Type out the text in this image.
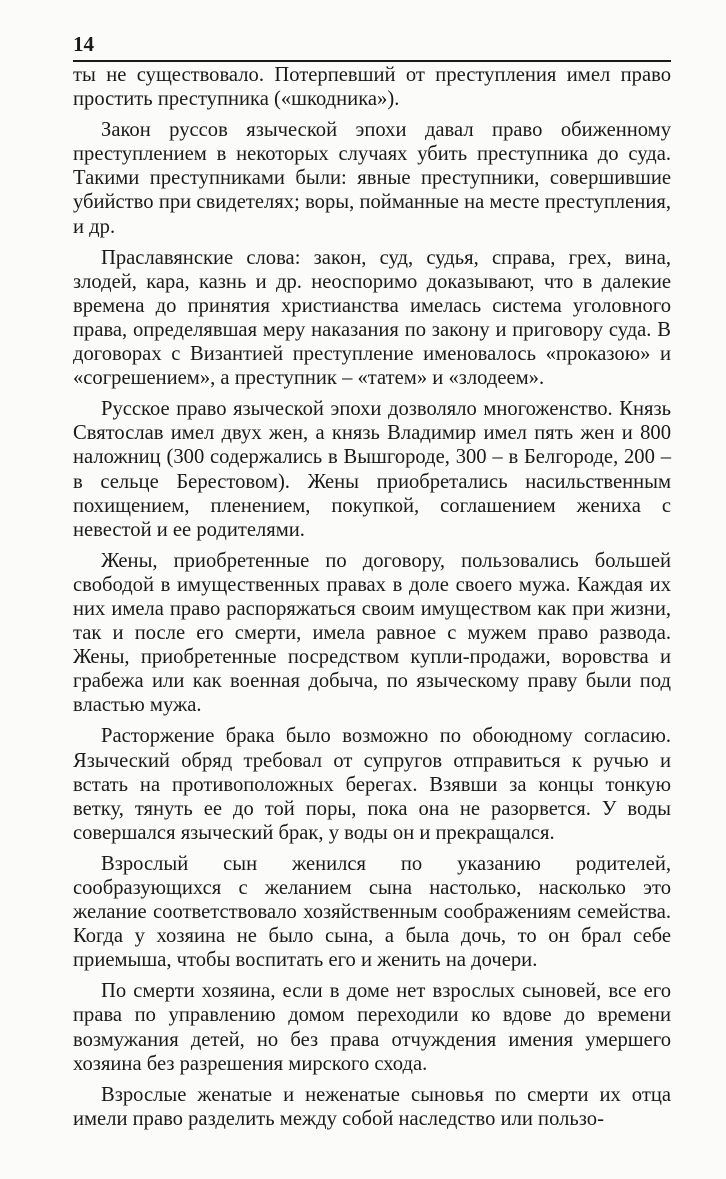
14

ты не существовало. Потерпевший от преступления имел право простить преступника («шкодника»).

Закон руссов языческой эпохи давал право обиженному преступлением в некоторых случаях убить преступника до суда. Такими преступниками были: явные преступники, совершившие убийство при свидетелях; воры, пойманные на месте преступления, и др.

Праславянские слова: закон, суд, судья, справа, грех, вина, злодей, кара, казнь и др. неоспоримо доказывают, что в далекие времена до принятия христианства имелась система уголовного права, определявшая меру наказания по закону и приговору суда. В договорах с Византией преступление именовалось «проказою» и «согрешением», а преступник – «татем» и «злодеем».

Русское право языческой эпохи дозволяло многоженство. Князь Святослав имел двух жен, а князь Владимир имел пять жен и 800 наложниц (300 содержались в Вышгороде, 300 – в Белгороде, 200 – в сельце Берестовом). Жены приобретались насильственным похищением, пленением, покупкой, соглашением жениха с невестой и ее родителями.

Жены, приобретенные по договору, пользовались большей свободой в имущественных правах в доле своего мужа. Каждая их них имела право распоряжаться своим имуществом как при жизни, так и после его смерти, имела равное с мужем право развода. Жены, приобретенные посредством купли-продажи, воровства и грабежа или как военная добыча, по языческому праву были под властью мужа.

Расторжение брака было возможно по обоюдному согласию. Языческий обряд требовал от супругов отправиться к ручью и встать на противоположных берегах. Взявши за концы тонкую ветку, тянуть ее до той поры, пока она не разорвется. У воды совершался языческий брак, у воды он и прекращался.

Взрослый сын женился по указанию родителей, сообразующихся с желанием сына настолько, насколько это желание соответствовало хозяйственным соображениям семейства. Когда у хозяина не было сына, а была дочь, то он брал себе приемыша, чтобы воспитать его и женить на дочери.

По смерти хозяина, если в доме нет взрослых сыновей, все его права по управлению домом переходили ко вдове до времени возмужания детей, но без права отчуждения имения умершего хозяина без разрешения мирского схода.

Взрослые женатые и неженатые сыновья по смерти их отца имели право разделить между собой наследство или пользо-
